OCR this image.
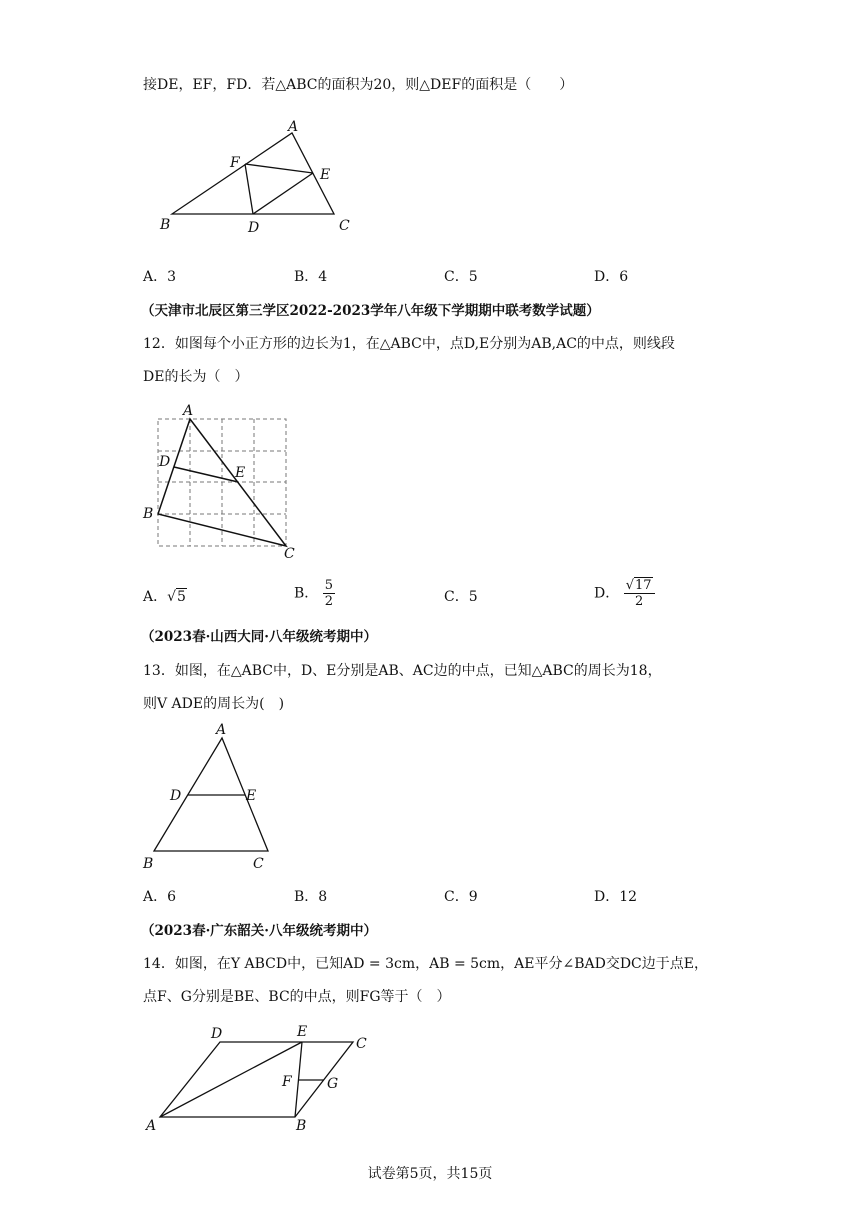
接DE，EF，FD．若△ABC的面积为20，则△DEF的面积是（　　）
A
F
E
B	D	C
A．3	B．4	C．5	D．6
（天津市北辰区第三学区2022-2023学年八年级下学期期中联考数学试题）
12．如图每个小正方形的边长为1，在△ABC中，点D,E分别为AB,AC的中点，则线段
DE的长为（　）
A
D
E
B
C
A．√5	B． $\frac{5}{2}$	C．5	D． $\frac{√17}{2}$
（2023春·山西大同·八年级统考期中）
13．如图，在△ABC中，D、E分别是AB、AC边的中点，已知△ABC的周长为18，
则V ADE的周长为(　)
A
D	E
B	C
A．6	B．8	C．9	D．12
（2023春·广东韶关·八年级统考期中）
14．如图，在Y ABCD中，已知AD = 3cm，AB = 5cm，AE平分∠BAD交DC边于点E，
点F、G分别是BE、BC的中点，则FG等于（　）
D	E
C
F	G
A	B
试卷第5页，共15页
